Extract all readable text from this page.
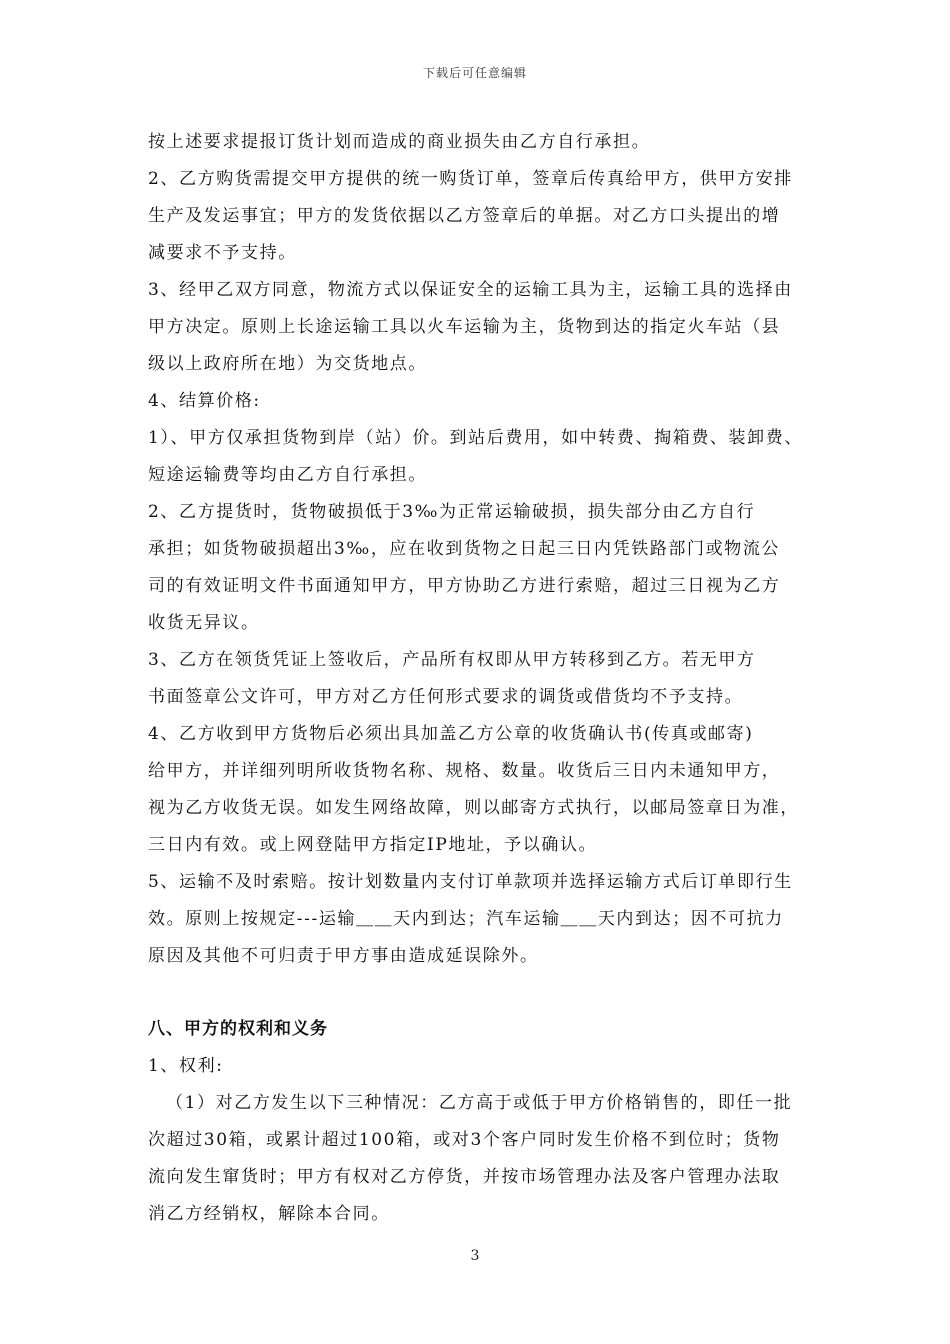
下载后可任意编辑
按上述要求提报订货计划而造成的商业损失由乙方自行承担。
2、乙方购货需提交甲方提供的统一购货订单，签章后传真给甲方，供甲方安排
生产及发运事宜；甲方的发货依据以乙方签章后的单据。对乙方口头提出的增
减要求不予支持。
3、经甲乙双方同意，物流方式以保证安全的运输工具为主，运输工具的选择由
甲方决定。原则上长途运输工具以火车运输为主，货物到达的指定火车站（县
级以上政府所在地）为交货地点。
4、结算价格:
1）、甲方仅承担货物到岸（站）价。到站后费用，如中转费、掏箱费、装卸费、
短途运输费等均由乙方自行承担。
2、乙方提货时，货物破损低于3‰为正常运输破损，损失部分由乙方自行
承担；如货物破损超出3‰，应在收到货物之日起三日内凭铁路部门或物流公
司的有效证明文件书面通知甲方，甲方协助乙方进行索赔，超过三日视为乙方
收货无异议。
3、乙方在领货凭证上签收后，产品所有权即从甲方转移到乙方。若无甲方
书面签章公文许可，甲方对乙方任何形式要求的调货或借货均不予支持。
4、乙方收到甲方货物后必须出具加盖乙方公章的收货确认书(传真或邮寄)
给甲方，并详细列明所收货物名称、规格、数量。收货后三日内未通知甲方，
视为乙方收货无误。如发生网络故障，则以邮寄方式执行，以邮局签章日为准，
三日内有效。或上网登陆甲方指定IP地址，予以确认。
5、运输不及时索赔。按计划数量内支付订单款项并选择运输方式后订单即行生
效。原则上按规定---运输＿＿天内到达；汽车运输＿＿天内到达；因不可抗力
原因及其他不可归责于甲方事由造成延误除外。
八、甲方的权利和义务
1、权利:
（1）对乙方发生以下三种情况：乙方高于或低于甲方价格销售的，即任一批
次超过30箱，或累计超过100箱，或对3个客户同时发生价格不到位时；货物
流向发生窜货时；甲方有权对乙方停货，并按市场管理办法及客户管理办法取
消乙方经销权，解除本合同。
3
